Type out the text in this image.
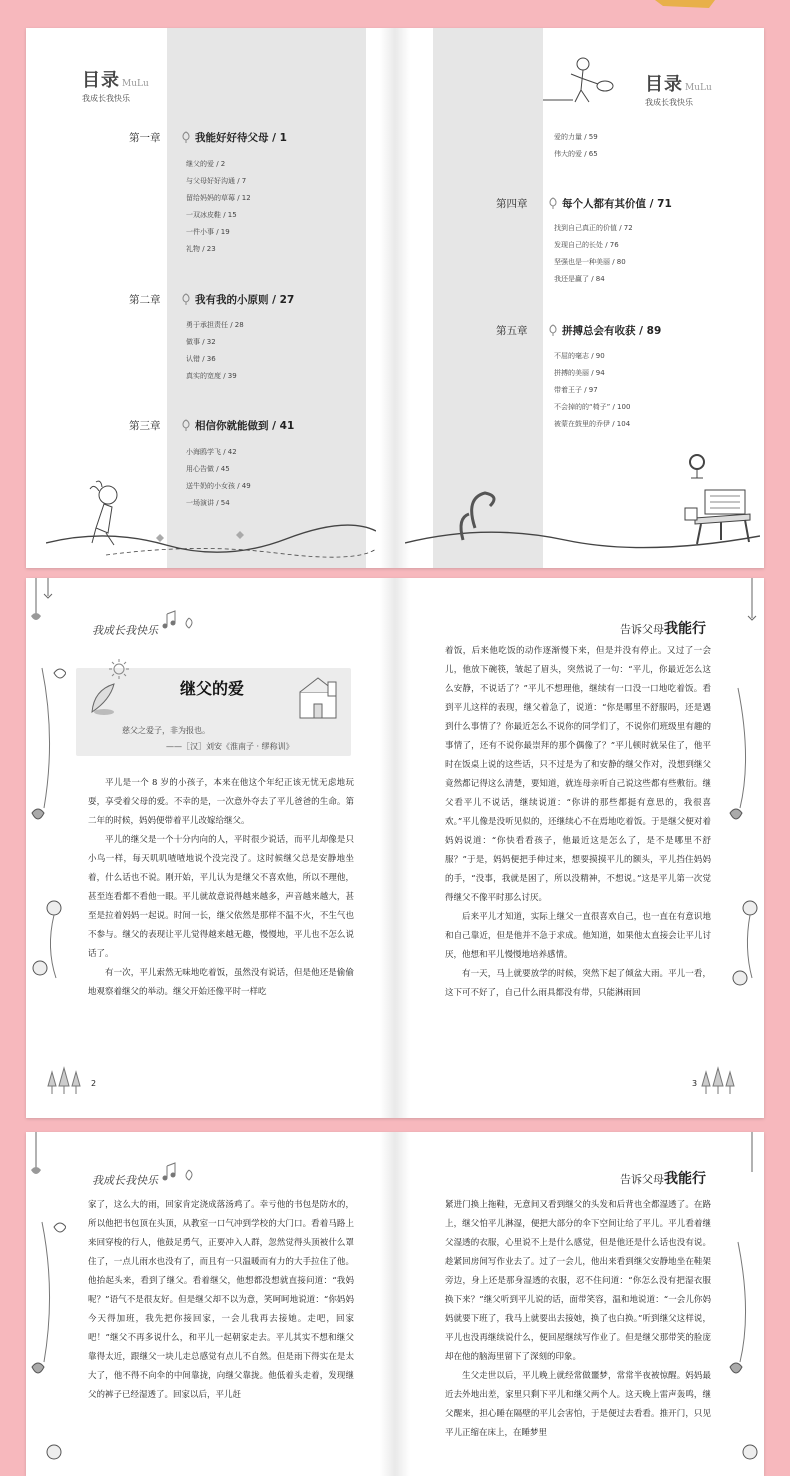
目录 MuLu
我成长我快乐
第一章	我能好好待父母 / 1
继父的爱 / 2
与父母好好沟通 / 7
留给妈妈的草莓 / 12
一双冰皮鞋 / 15
一件小事 / 19
礼物 / 23
第二章	我有我的小原则 / 27
勇于承担责任 / 28
做事 / 32
认错 / 36
真实的宽度 / 39
第三章	相信你就能做到 / 41
小海鸥学飞 / 42
用心告做 / 45
送牛奶的小女孩 / 49
一场演讲 / 54
目录 MuLu
我成长我快乐
爱的力量 / 59
伟大的爱 / 65
第四章	每个人都有其价值 / 71
找到自己真正的价值 / 72
发现自己的长处 / 76
坚强也是一种美丽 / 80
我还是赢了 / 84
第五章	拼搏总会有收获 / 89
不屈的毫志 / 90
拼搏的美丽 / 94
带着王子 / 97
不会掉的的“椅子” / 100
被蒙在鼓里的乔伊 / 104
我成长我快乐
继父的爱
慈父之爱子，非为报也。
——［汉］刘安《淮南子 · 缪称训》

平儿是一个 8 岁的小孩子，本来在他这个年纪正该无忧无虑地玩耍，享受着父母的爱。不幸的是，一次意外夺去了平儿爸爸的生命。第二年的时候，妈妈便带着平儿改嫁给继父。

平儿的继父是一个十分内向的人，平时很少说话，而平儿却像是只小鸟一样，每天叽叽喳喳地说个没完没了。这时候继父总是安静地坐着，什么话也不说。刚开始，平儿认为是继父不喜欢他，所以不理他，甚至连看都不看他一眼。平儿就故意说得越来越多，声音越来越大，甚至是拉着妈妈一起说。时间一长，继父依然是那样不温不火，不生气也不参与。继父的表现让平儿觉得越来越无趣，慢慢地，平儿也不怎么说话了。

有一次，平儿索然无味地吃着饭，虽然没有说话，但是他还是偷偷地观察着继父的举动。继父开始还像平时一样吃

2
告诉父母我能行

着饭，后来他吃饭的动作逐渐慢下来，但是并没有停止。又过了一会儿，他放下碗筷，皱起了眉头，突然说了一句：“平儿，你最近怎么这么安静，不说话了？”平儿不想理他，继续有一口没一口地吃着饭。看到平儿这样的表现，继父着急了，说道：“你是哪里不舒服吗，还是遇到什么事情了？你最近怎么不说你的同学们了，不说你们班级里有趣的事情了，还有不说你最崇拜的那个偶像了？”平儿顿时就呆住了，他平时在饭桌上说的这些话，只不过是为了和安静的继父作对，没想到继父竟然都记得这么清楚，要知道，就连母亲听自己说这些都有些敷衍。继父看平儿不说话，继续说道：“你讲的那些都挺有意思的，我很喜欢。”平儿像是没听见似的，还继续心不在焉地吃着饭。于是继父便对着妈妈说道：“你快看看孩子，他最近这是怎么了，是不是哪里不舒服？”于是，妈妈便把手伸过来，想要摸摸平儿的额头，平儿挡住妈妈的手，“没事，我就是困了，所以没精神，不想说。”这是平儿第一次觉得继父不像平时那么讨厌。

后来平儿才知道，实际上继父一直很喜欢自己，也一直在有意识地和自己靠近，但是他并不急于求成。他知道，如果他太直接会让平儿讨厌，他想和平儿慢慢地培养感情。

有一天，马上就要放学的时候，突然下起了倾盆大雨。平儿一看，这下可不好了，自己什么雨具都没有带，只能淋雨回

3
我成长我快乐

家了，这么大的雨，回家肯定浇成落汤鸡了。幸亏他的书包是防水的，所以他把书包顶在头顶，从教室一口气冲到学校的大门口。看着马路上来回穿梭的行人，他鼓足勇气，正要冲入人群，忽然觉得头顶被什么罩住了，一点儿雨水也没有了，而且有一只温暖而有力的大手拉住了他。他抬起头来，看到了继父。看着继父，他想都没想就直接问道：“我妈呢？”语气不是很友好。但是继父却不以为意，笑呵呵地说道：“你妈妈今天得加班，我先把你接回家，一会儿我再去接她。走吧，回家吧！”继父不再多说什么，和平儿一起朝家走去。平儿其实不想和继父靠得太近，跟继父一块儿走总感觉有点儿不自然。但是雨下得实在是太大了，他不得不向伞的中间靠拢，向继父靠拢。他低着头走着，发现继父的裤子已经湿透了。回家以后，平儿赶

告诉父母我能行

紧进门换上拖鞋，无意间又看到继父的头发和后背也全都湿透了。在路上，继父怕平儿淋湿，便把大部分的伞下空间让给了平儿。平儿看着继父湿透的衣服，心里说不上是什么感觉，但是他还是什么话也没有说。趁紧回房间写作业去了。过了一会儿，他出来看到继父安静地坐在鞋架旁边，身上还是那身湿透的衣服，忍不住问道：“你怎么没有把湿衣服换下来？”继父听到平儿说的话，面带笑容，温和地说道：“一会儿你妈妈就要下班了，我马上就要出去接她，换了也白换。”听到继父这样说，平儿也没再继续说什么，便回屋继续写作业了。但是继父那带笑的脸庞却在他的脑海里留下了深刻的印象。

生父走世以后，平儿晚上就经常做噩梦，常常半夜被惊醒。妈妈最近去外地出差，家里只剩下平儿和继父两个人。这天晚上雷声轰鸣，继父醒来，担心睡在隔壁的平儿会害怕，于是便过去看看。推开门，只见平儿正缩在床上，在睡梦里
